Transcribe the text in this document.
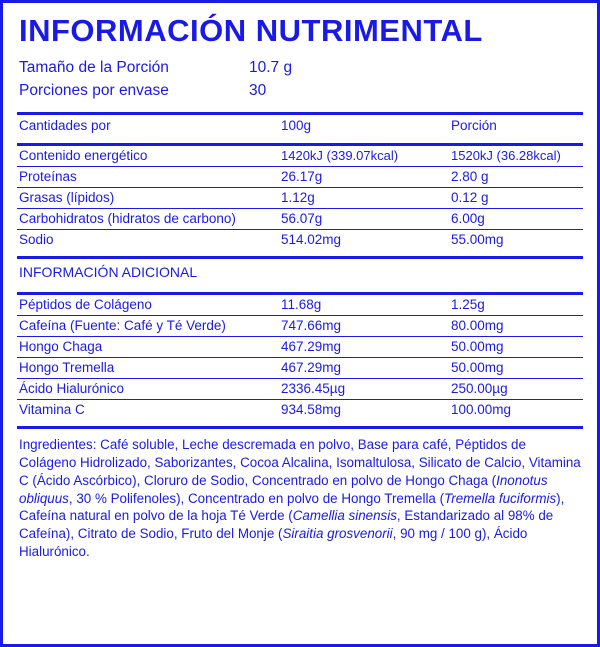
INFORMACIÓN NUTRIMENTAL
Tamaño de la Porción	10.7 g
Porciones por envase	30
Cantidades por	100g	Porción
Contenido energético	1420kJ (339.07kcal)	1520kJ (36.28kcal)
Proteínas	26.17g	2.80 g
Grasas (lípidos)	1.12g	0.12 g
Carbohidratos (hidratos de carbono)	56.07g	6.00g
Sodio	514.02mg	55.00mg
INFORMACIÓN ADICIONAL
Péptidos de Colágeno	11.68g	1.25g
Cafeína (Fuente: Café y Té Verde)	747.66mg	80.00mg
Hongo Chaga	467.29mg	50.00mg
Hongo Tremella	467.29mg	50.00mg
Ácido Hialurónico	2336.45µg	250.00µg
Vitamina C	934.58mg	100.00mg
Ingredientes: Café soluble, Leche descremada en polvo, Base para café, Péptidos de Colágeno Hidrolizado, Saborizantes, Cocoa Alcalina, Isomaltulosa, Silicato de Calcio, Vitamina C (Ácido Ascórbico), Cloruro de Sodio, Concentrado en polvo de Hongo Chaga (Inonotus obliquus, 30 % Polifenoles), Concentrado en polvo de Hongo Tremella (Tremella fuciformis), Cafeína natural en polvo de la hoja Té Verde (Camellia sinensis, Estandarizado al 98% de Cafeína), Citrato de Sodio, Fruto del Monje (Siraitia grosvenorii, 90 mg / 100 g), Ácido Hialurónico.
